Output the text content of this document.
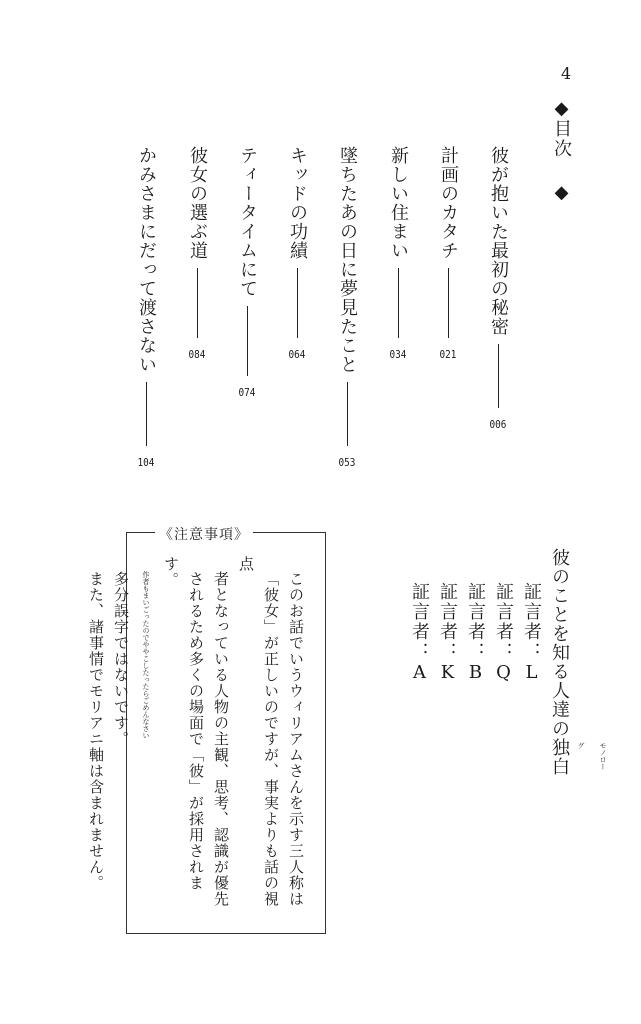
4
◆目次 ◆
彼が抱いた最初の秘密
006
計画のカタチ
021
新しい住まい
034
墜ちたあの日に夢見たこと
053
キッドの功績
064
ティータイムにて
074
彼女の選ぶ道
084
かみさまにだって渡さない
104
彼のことを知る人達の独白	モノローグ
証言者：L
証言者：Q
証言者：B
証言者：K
証言者：A
《注意事項》

このお話でいうウィリアムさんを示す三人称は
「彼女」が正しいのですが、事実よりも話の視点
者となっている人物の主観、思考、認識が優先
されるため多くの場面で「彼」が採用されます。
作者もまいごったのでややこしたったらごめんなさい
多分誤字ではないです。

また、諸事情でモリアニ軸は含まれません。
